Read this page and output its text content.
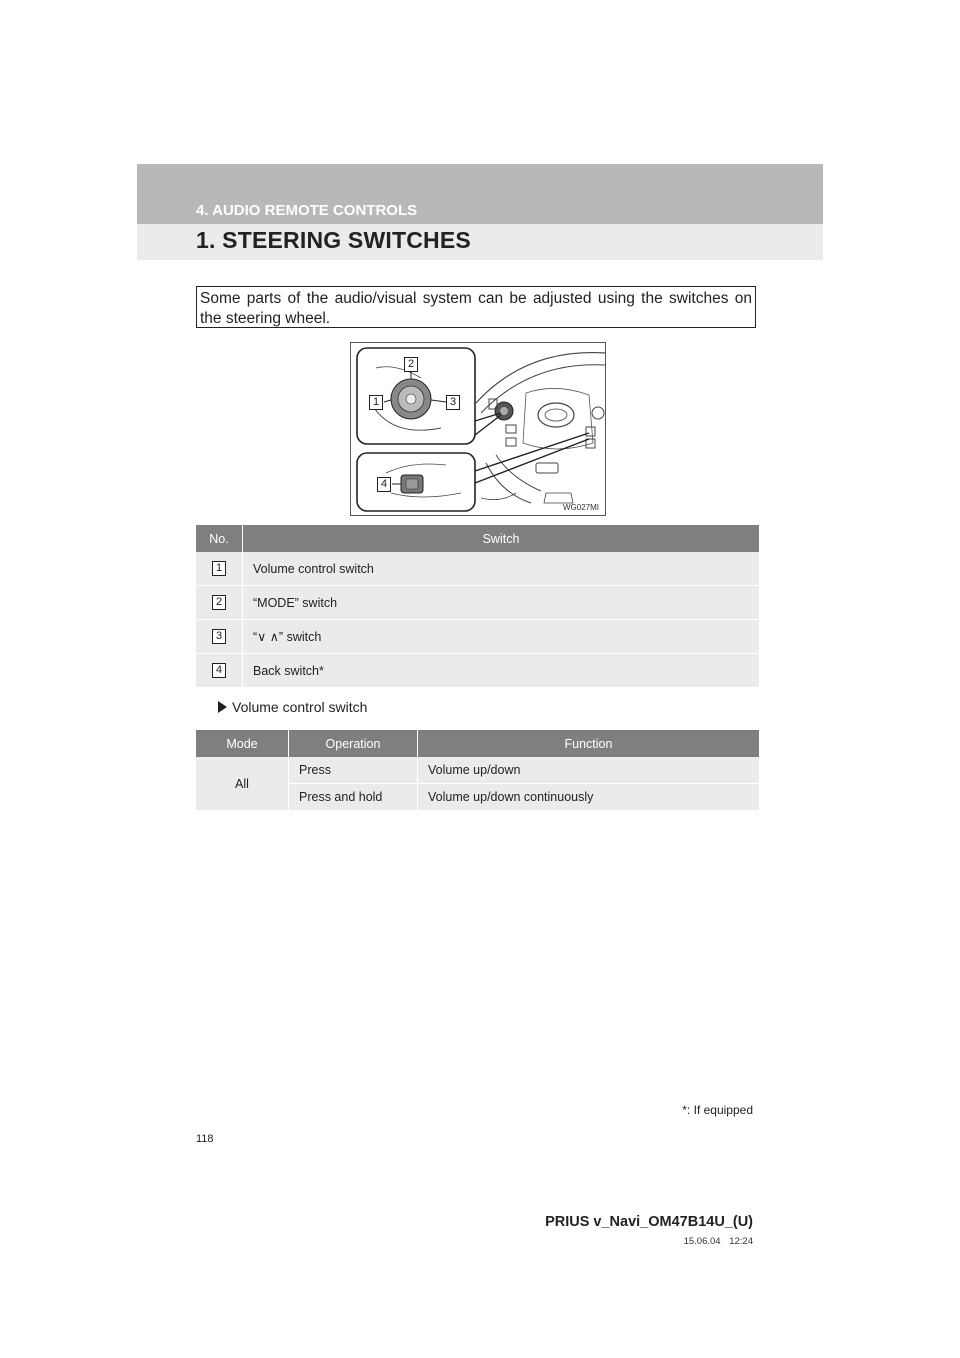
4. AUDIO REMOTE CONTROLS
1. STEERING SWITCHES
Some parts of the audio/visual system can be adjusted using the switches on the steering wheel.
2
1	3
4
WG027MI
No.	Switch
1	Volume control switch
2	“MODE” switch
3	“∨ ∧” switch
4	Back switch*
Volume control switch
Mode	Operation	Function
All	Press	Volume up/down
	Press and hold	Volume up/down continuously
*: If equipped
118
PRIUS v_Navi_OM47B14U_(U)
15.06.04 12:24
